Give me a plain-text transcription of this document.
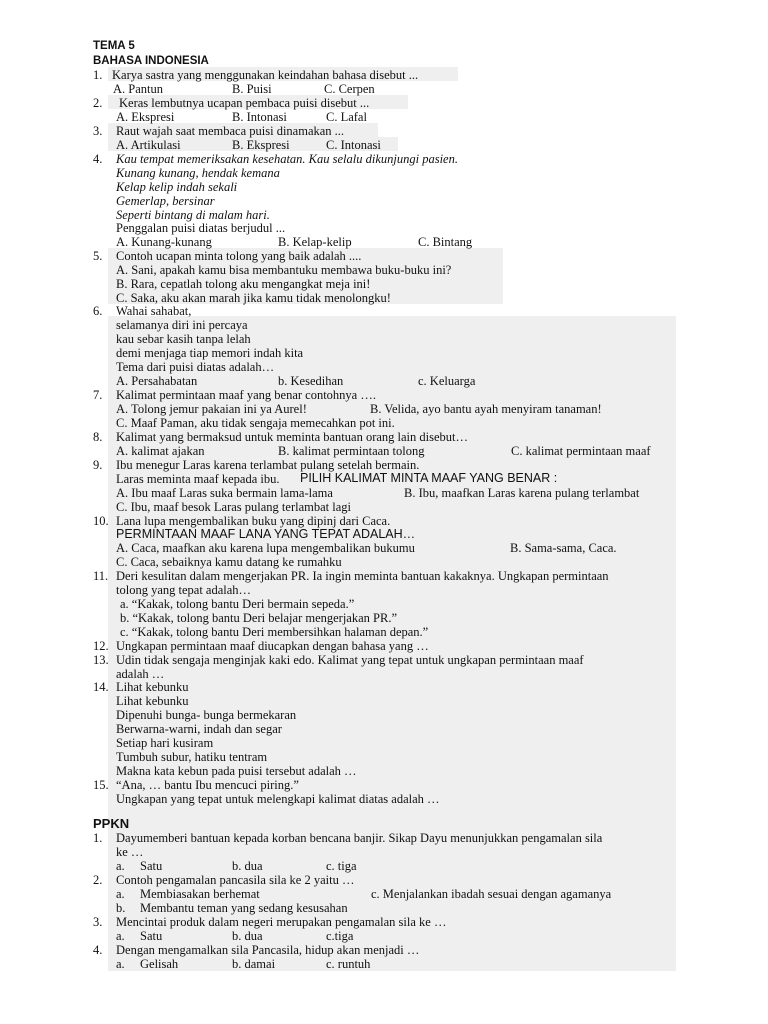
TEMA 5
BAHASA INDONESIA
1. Karya sastra yang menggunakan keindahan bahasa disebut ...
A. Pantun	B. Puisi	C. Cerpen
2. Keras lembutnya ucapan pembaca puisi disebut ...
A. Ekspresi	B. Intonasi	C. Lafal
3. Raut wajah saat membaca puisi dinamakan ...
A. Artikulasi	B. Ekspresi	C. Intonasi
4. Kau tempat memeriksakan kesehatan. Kau selalu dikunjungi pasien.
Kunang kunang, hendak kemana
Kelap kelip indah sekali
Gemerlap, bersinar
Seperti bintang di malam hari.
Penggalan puisi diatas berjudul ...
A. Kunang-kunang	B. Kelap-kelip	C. Bintang
5. Contoh ucapan minta tolong yang baik adalah ....
A. Sani, apakah kamu bisa membantuku membawa buku-buku ini?
B. Rara, cepatlah tolong aku mengangkat meja ini!
C. Saka, aku akan marah jika kamu tidak menolongku!
6. Wahai sahabat,
selamanya diri ini percaya
kau sebar kasih tanpa lelah
demi menjaga tiap memori indah kita
Tema dari puisi diatas adalah…
A. Persahabatan	b. Kesedihan	c. Keluarga
7. Kalimat permintaan maaf yang benar contohnya ….
A. Tolong jemur pakaian ini ya Aurel!	B. Velida, ayo bantu ayah menyiram tanaman!
C. Maaf Paman, aku tidak sengaja memecahkan pot ini.
8. Kalimat yang bermaksud untuk meminta bantuan orang lain disebut…
A. kalimat ajakan	B. kalimat permintaan tolong	C. kalimat permintaan maaf
9. Ibu menegur Laras karena terlambat pulang setelah bermain.
Laras meminta maaf kepada ibu. PILIH KALIMAT MINTA MAAF YANG BENAR :
A. Ibu maaf Laras suka bermain lama-lama	B. Ibu, maafkan Laras karena pulang terlambat
C. Ibu, maaf besok Laras pulang terlambat lagi
10. Lana lupa mengembalikan buku yang dipinj dari Caca.
PERMINTAAN MAAF LANA YANG TEPAT ADALAH…
A. Caca, maafkan aku karena lupa mengembalikan bukumu	B. Sama-sama, Caca.
C. Caca, sebaiknya kamu datang ke rumahku
11. Deri kesulitan dalam mengerjakan PR. Ia ingin meminta bantuan kakaknya. Ungkapan permintaan
tolong yang tepat adalah…
a. “Kakak, tolong bantu Deri bermain sepeda.”
b. “Kakak, tolong bantu Deri belajar mengerjakan PR.”
c. “Kakak, tolong bantu Deri membersihkan halaman depan.”
12. Ungkapan permintaan maaf diucapkan dengan bahasa yang …
13. Udin tidak sengaja menginjak kaki edo. Kalimat yang tepat untuk ungkapan permintaan maaf
adalah …
14. Lihat kebunku
Lihat kebunku
Dipenuhi bunga- bunga bermekaran
Berwarna-warni, indah dan segar
Setiap hari kusiram
Tumbuh subur, hatiku tentram
Makna kata kebun pada puisi tersebut adalah …
15. “Ana, … bantu Ibu mencuci piring.”
Ungkapan yang tepat untuk melengkapi kalimat diatas adalah …
PPKN
1. Dayumemberi bantuan kepada korban bencana banjir. Sikap Dayu menunjukkan pengamalan sila
ke …
a. Satu	b. dua	c. tiga
2. Contoh pengamalan pancasila sila ke 2 yaitu …
a. Membiasakan berhemat	c. Menjalankan ibadah sesuai dengan agamanya
b. Membantu teman yang sedang kesusahan
3. Mencintai produk dalam negeri merupakan pengamalan sila ke …
a. Satu	b. dua	c.tiga
4. Dengan mengamalkan sila Pancasila, hidup akan menjadi …
a. Gelisah	b. damai	c. runtuh
